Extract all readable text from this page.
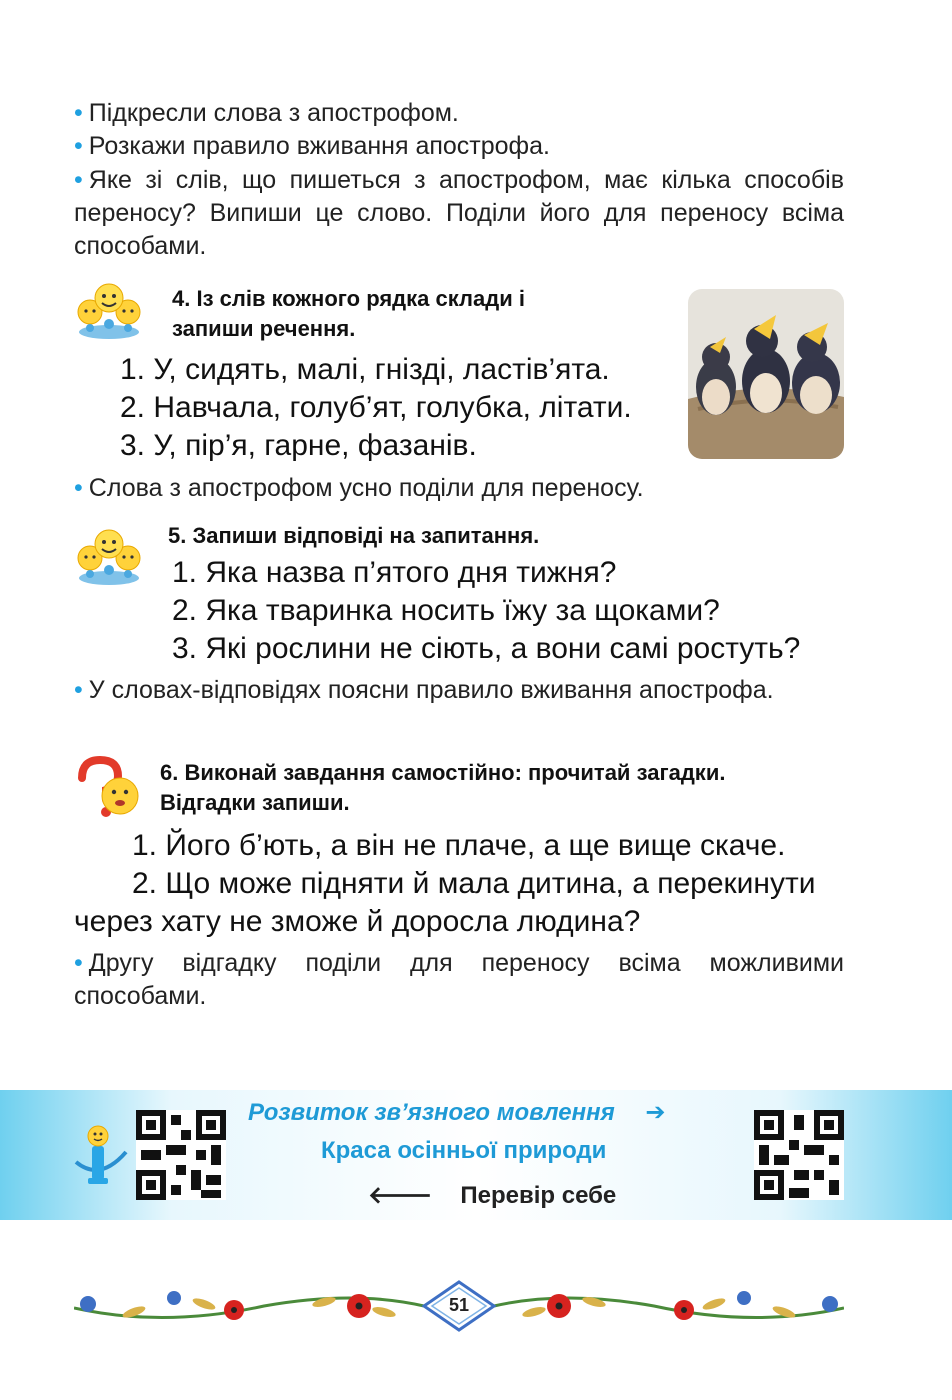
• Підкресли слова з апострофом.
• Розкажи правило вживання апострофа.
• Яке зі слів, що пишеться з апострофом, має кілька способів переносу? Випиши це слово. Поділи його для переносу всіма способами.
4. Із слів кожного рядка склади і
запиши речення.
1. У, сидять, малі, гнізді, ластів’ята.
2. Навчала, голуб’ят, голубка, літати.
3. У, пір’я, гарне, фазанів.
• Слова з апострофом усно поділи для переносу.
5. Запиши відповіді на запитання.
1. Яка назва п’ятого дня тижня?
2. Яка тваринка носить їжу за щоками?
3. Які рослини не сіють, а вони самі ростуть?
• У словах-відповідях поясни правило вживання апострофа.
6. Виконай завдання самостійно: прочитай загадки.
Відгадки запиши.
1. Його б’ють, а він не плаче, а ще вище скаче.
2. Що може підняти й мала дитина, а перекинути
через хату не зможе й доросла людина?
• Другу відгадку поділи для переносу всіма можливими способами.
Розвиток зв’язного мовлення ➔
Краса осінньої природи
🡐 Перевір себе
51
